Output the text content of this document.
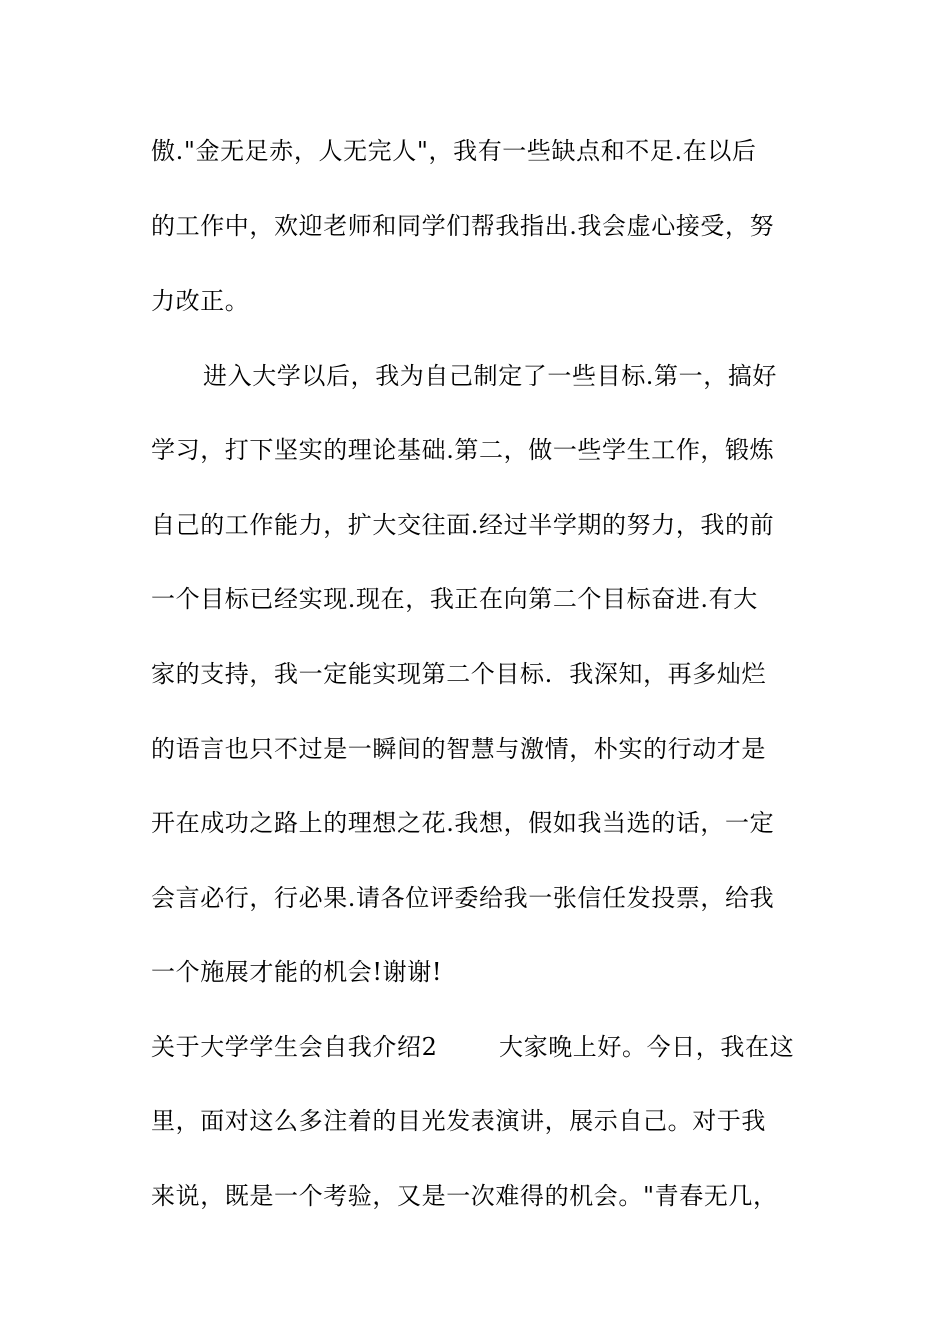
傲."金无足赤，人无完人"，我有一些缺点和不足.在以后
的工作中，欢迎老师和同学们帮我指出.我会虚心接受，努
力改正。
进入大学以后，我为自己制定了一些目标.第一，搞好
学习，打下坚实的理论基础.第二，做一些学生工作，锻炼
自己的工作能力，扩大交往面.经过半学期的努力，我的前
一个目标已经实现.现在，我正在向第二个目标奋进.有大
家的支持，我一定能实现第二个目标.  我深知，再多灿烂
的语言也只不过是一瞬间的智慧与激情，朴实的行动才是
开在成功之路上的理想之花.我想，假如我当选的话，一定
会言必行，行必果.请各位评委给我一张信任发投票，给我
一个施展才能的机会!谢谢!
关于大学学生会自我介绍2	大家晚上好。今日，我在这
里，面对这么多注着的目光发表演讲，展示自己。对于我
来说，既是一个考验，又是一次难得的机会。"青春无几，
